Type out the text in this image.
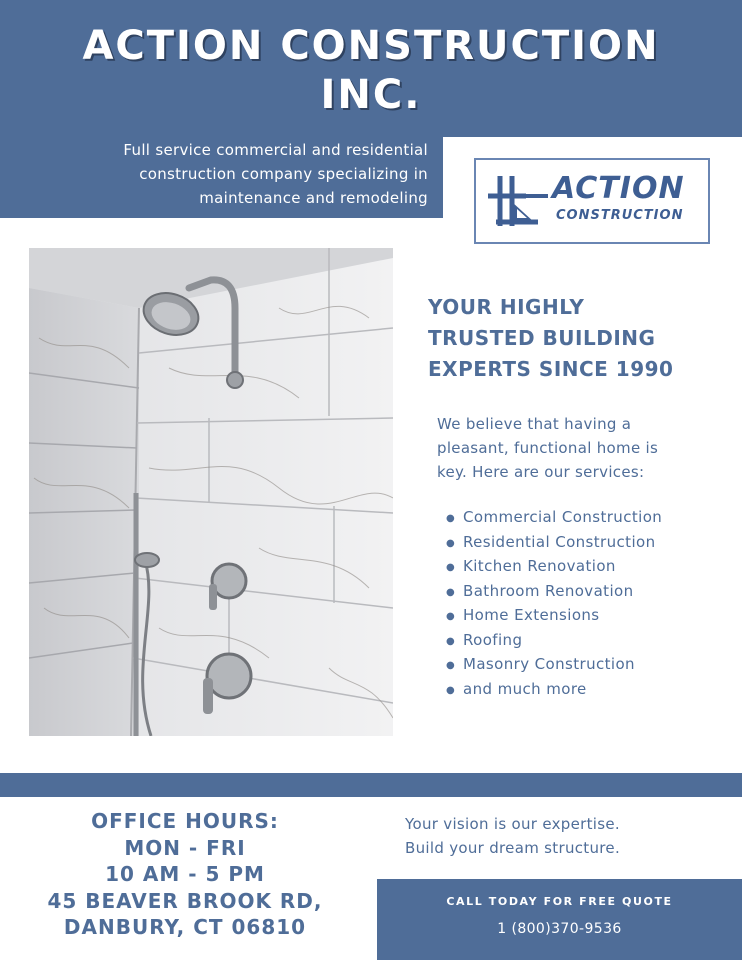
ACTION CONSTRUCTION
INC.
Full service commercial and residential
construction company specializing in
maintenance and remodeling	ACTION
CONSTRUCTION
YOUR HIGHLY
TRUSTED BUILDING
EXPERTS SINCE 1990
We believe that having a
pleasant, functional home is
key. Here are our services:
● Commercial Construction
● Residential Construction
● Kitchen Renovation
● Bathroom Renovation
● Home Extensions
● Roofing
● Masonry Construction
● and much more
Your vision is our expertise.
Build your dream structure.
CALL TODAY FOR FREE QUOTE
1 (800)370-9536
OFFICE HOURS:
MON - FRI
10 AM - 5 PM
45 BEAVER BROOK RD,
DANBURY, CT 06810
